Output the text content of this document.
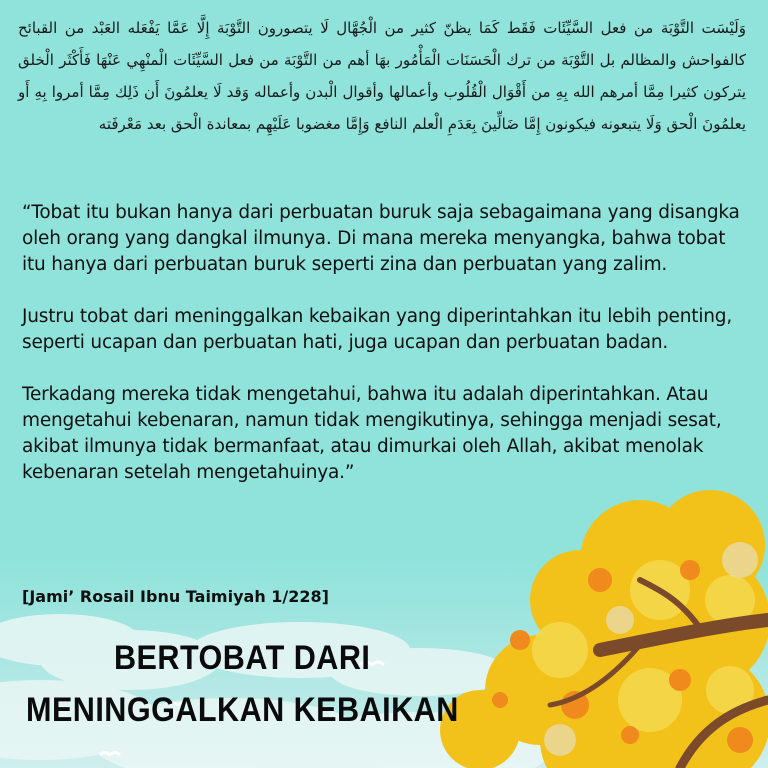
وَلَيْسَت التَّوْبَة من فعل السَّيِّئَات فَقَط كَمَا يظنّ كثير من الْجُهَّال لَا يتصورون التَّوْبَة إِلَّا عَمَّا يَفْعَله العَبْد من القبائح كالفواحش والمظالم بل التَّوْبَة من ترك الْحَسَنَات الْمَأْمُور بهَا أهم من التَّوْبَة من فعل السَّيِّئَات الْمنْهِي عَنْهَا فَأَكْثَر الْخلق يتركون كثيرا مِمَّا أمرهم الله بِهِ من أَقْوَال الْقُلُوب وأعمالها وأقوال الْبدن وأعماله وَقد لَا يعلمُونَ أَن ذَلِك مِمَّا أمروا بِهِ أَو يعلمُونَ الْحق وَلَا يتبعونه فيكونون إِمَّا ضَالِّينَ بِعَدَمِ الْعلم النافع وَإِمَّا مغضوبا عَلَيْهِم بمعاندة الْحق بعد مَعْرفَته

“Tobat itu bukan hanya dari perbuatan buruk saja sebagaimana yang disangka oleh orang yang dangkal ilmunya. Di mana mereka menyangka, bahwa tobat itu hanya dari perbuatan buruk seperti zina dan perbuatan yang zalim.

Justru tobat dari meninggalkan kebaikan yang diperintahkan itu lebih penting, seperti ucapan dan perbuatan hati, juga ucapan dan perbuatan badan.

Terkadang mereka tidak mengetahui, bahwa itu adalah diperintahkan. Atau mengetahui kebenaran, namun tidak mengikutinya, sehingga menjadi sesat, akibat ilmunya tidak bermanfaat, atau dimurkai oleh Allah, akibat menolak kebenaran setelah mengetahuinya.”

[Jami’ Rosail Ibnu Taimiyah 1/228]

BERTOBAT DARI
MENINGGALKAN KEBAIKAN
